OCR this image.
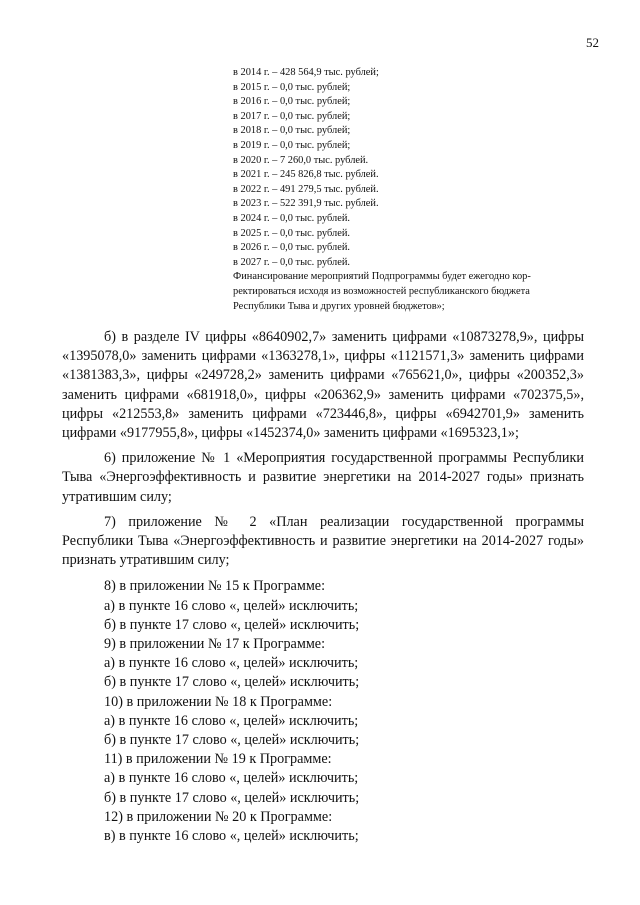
52
в 2014 г. – 428 564,9 тыс. рублей;
в 2015 г. – 0,0 тыс. рублей;
в 2016 г. – 0,0 тыс. рублей;
в 2017 г. – 0,0 тыс. рублей;
в 2018 г. – 0,0 тыс. рублей;
в 2019 г. – 0,0 тыс. рублей;
в 2020 г. – 7 260,0 тыс. рублей.
в 2021 г. – 245 826,8 тыс. рублей.
в 2022 г. – 491 279,5 тыс. рублей.
в 2023 г. – 522 391,9 тыс. рублей.
в 2024 г. – 0,0 тыс. рублей.
в 2025 г. – 0,0 тыс. рублей.
в 2026 г. – 0,0 тыс. рублей.
в 2027 г. – 0,0 тыс. рублей.
Финансирование мероприятий Подпрограммы будет ежегодно кор-
ректироваться исходя из возможностей республиканского бюджета
Республики Тыва и других уровней бюджетов»;

б) в разделе IV цифры «8640902,7» заменить цифрами «10873278,9», цифры «1395078,0» заменить цифрами «1363278,1», цифры «1121571,3» заменить цифрами «1381383,3», цифры «249728,2» заменить цифрами «765621,0», цифры «200352,3» заменить цифрами «681918,0», цифры «206362,9» заменить цифрами «702375,5», цифры «212553,8» заменить цифрами «723446,8», цифры «6942701,9» заменить цифрами «9177955,8», цифры «1452374,0» заменить цифрами «1695323,1»;

6) приложение № 1 «Мероприятия государственной программы Республики Тыва «Энергоэффективность и развитие энергетики на 2014-2027 годы» признать утратившим силу;

7) приложение № 2 «План реализации государственной программы Республики Тыва «Энергоэффективность и развитие энергетики на 2014-2027 годы» признать утратившим силу;

8) в приложении № 15 к Программе:
а) в пункте 16 слово «, целей» исключить;
б) в пункте 17 слово «, целей» исключить;
9) в приложении № 17 к Программе:
а) в пункте 16 слово «, целей» исключить;
б) в пункте 17 слово «, целей» исключить;
10) в приложении № 18 к Программе:
а) в пункте 16 слово «, целей» исключить;
б) в пункте 17 слово «, целей» исключить;
11) в приложении № 19 к Программе:
а) в пункте 16 слово «, целей» исключить;
б) в пункте 17 слово «, целей» исключить;
12) в приложении № 20 к Программе:
в) в пункте 16 слово «, целей» исключить;
